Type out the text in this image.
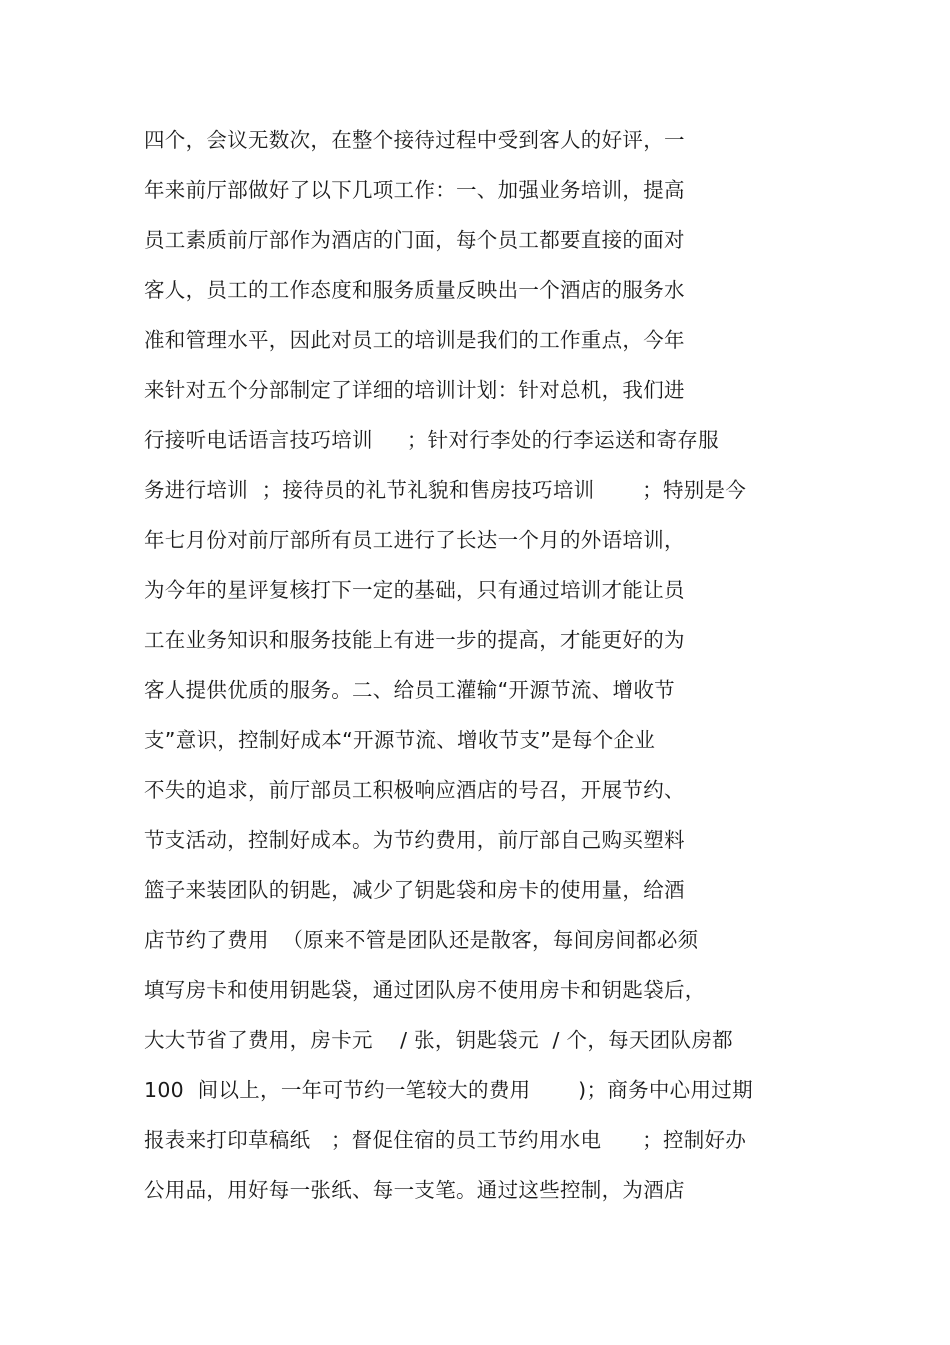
四个，会议无数次，在整个接待过程中受到客人的好评，一
年来前厅部做好了以下几项工作：一、加强业务培训，提高
员工素质前厅部作为酒店的门面，每个员工都要直接的面对
客人，员工的工作态度和服务质量反映出一个酒店的服务水
准和管理水平，因此对员工的培训是我们的工作重点，今年
来针对五个分部制定了详细的培训计划：针对总机，我们进
行接听电话语言技巧培训     ；针对行李处的行李运送和寄存服
务进行培训  ；接待员的礼节礼貌和售房技巧培训       ；特别是今
年七月份对前厅部所有员工进行了长达一个月的外语培训，
为今年的星评复核打下一定的基础，只有通过培训才能让员
工在业务知识和服务技能上有进一步的提高，才能更好的为
客人提供优质的服务。二、给员工灌输“开源节流、增收节
支”意识，控制好成本“开源节流、增收节支”是每个企业
不失的追求，前厅部员工积极响应酒店的号召，开展节约、
节支活动，控制好成本。为节约费用，前厅部自己购买塑料
篮子来装团队的钥匙，减少了钥匙袋和房卡的使用量，给酒
店节约了费用  （原来不管是团队还是散客，每间房间都必须
填写房卡和使用钥匙袋，通过团队房不使用房卡和钥匙袋后，
大大节省了费用，房卡元    / 张，钥匙袋元  / 个，每天团队房都
100  间以上，一年可节约一笔较大的费用       )；商务中心用过期
报表来打印草稿纸   ；督促住宿的员工节约用水电      ；控制好办
公用品，用好每一张纸、每一支笔。通过这些控制，为酒店
